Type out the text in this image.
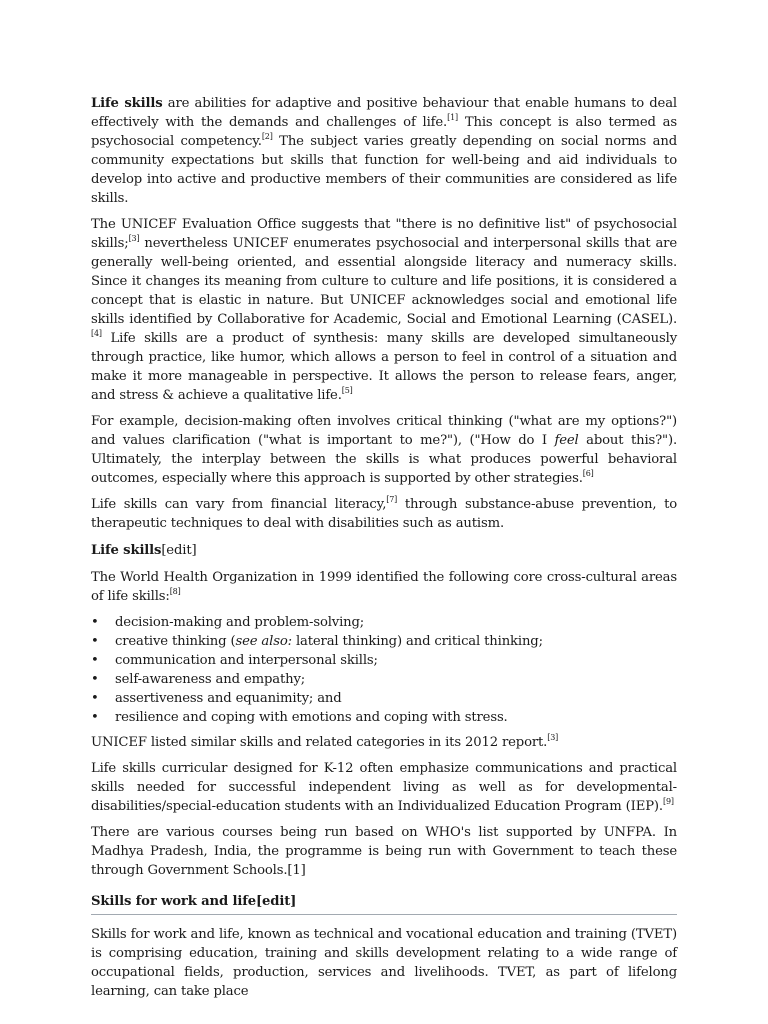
Life skills are abilities for adaptive and positive behaviour that enable humans to deal effectively with the demands and challenges of life.[1] This concept is also termed as psychosocial competency.[2] The subject varies greatly depending on social norms and community expectations but skills that function for well-being and aid individuals to develop into active and productive members of their communities are considered as life skills.

The UNICEF Evaluation Office suggests that "there is no definitive list" of psychosocial skills;[3] nevertheless UNICEF enumerates psychosocial and interpersonal skills that are generally well-being oriented, and essential alongside literacy and numeracy skills. Since it changes its meaning from culture to culture and life positions, it is considered a concept that is elastic in nature. But UNICEF acknowledges social and emotional life skills identified by Collaborative for Academic, Social and Emotional Learning (CASEL).[4] Life skills are a product of synthesis: many skills are developed simultaneously through practice, like humor, which allows a person to feel in control of a situation and make it more manageable in perspective. It allows the person to release fears, anger, and stress & achieve a qualitative life.[5]

For example, decision-making often involves critical thinking ("what are my options?") and values clarification ("what is important to me?"), ("How do I feel about this?"). Ultimately, the interplay between the skills is what produces powerful behavioral outcomes, especially where this approach is supported by other strategies.[6]

Life skills can vary from financial literacy,[7] through substance-abuse prevention, to therapeutic techniques to deal with disabilities such as autism.

Life skills[edit]

The World Health Organization in 1999 identified the following core cross-cultural areas of life skills:[8]

• decision-making and problem-solving;
• creative thinking (see also: lateral thinking) and critical thinking;
• communication and interpersonal skills;
• self-awareness and empathy;
• assertiveness and equanimity; and
• resilience and coping with emotions and coping with stress.

UNICEF listed similar skills and related categories in its 2012 report.[3]

Life skills curricular designed for K-12 often emphasize communications and practical skills needed for successful independent living as well as for developmental-disabilities/special-education students with an Individualized Education Program (IEP).[9]

There are various courses being run based on WHO's list supported by UNFPA. In Madhya Pradesh, India, the programme is being run with Government to teach these through Government Schools.[1]

Skills for work and life[edit]

Skills for work and life, known as technical and vocational education and training (TVET) is comprising education, training and skills development relating to a wide range of occupational fields, production, services and livelihoods. TVET, as part of lifelong learning, can take place
